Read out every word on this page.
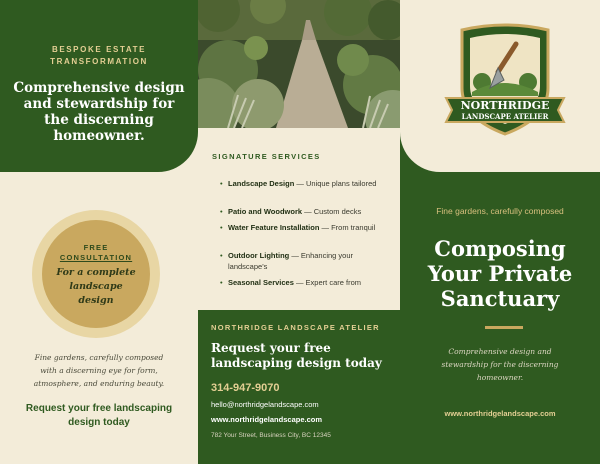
BESPOKE ESTATE
TRANSFORMATION
Comprehensive design
and stewardship for
the discerning
homeowner.
FREE
CONSULTATION
For a complete
landscape
design
Fine gardens, carefully composed
with a discerning eye for form,
atmosphere, and enduring beauty.
Request your free landscaping
design today
SIGNATURE SERVICES
• Landscape Design — Unique plans tailored
• Patio and Woodwork — Custom decks
• Water Feature Installation — From tranquil
• Outdoor Lighting — Enhancing your landscape's
• Seasonal Services — Expert care from
NORTHRIDGE LANDSCAPE ATELIER
Request your free
landscaping design today
314-947-9070
hello@northridgelandscape.com
www.northridgelandscape.com
782 Your Street, Business City, BC 12345
NORTHRIDGE
LANDSCAPE ATELIER
Fine gardens, carefully composed
Composing
Your Private
Sanctuary
Comprehensive design and
stewardship for the discerning
homeowner.
www.northridgelandscape.com
